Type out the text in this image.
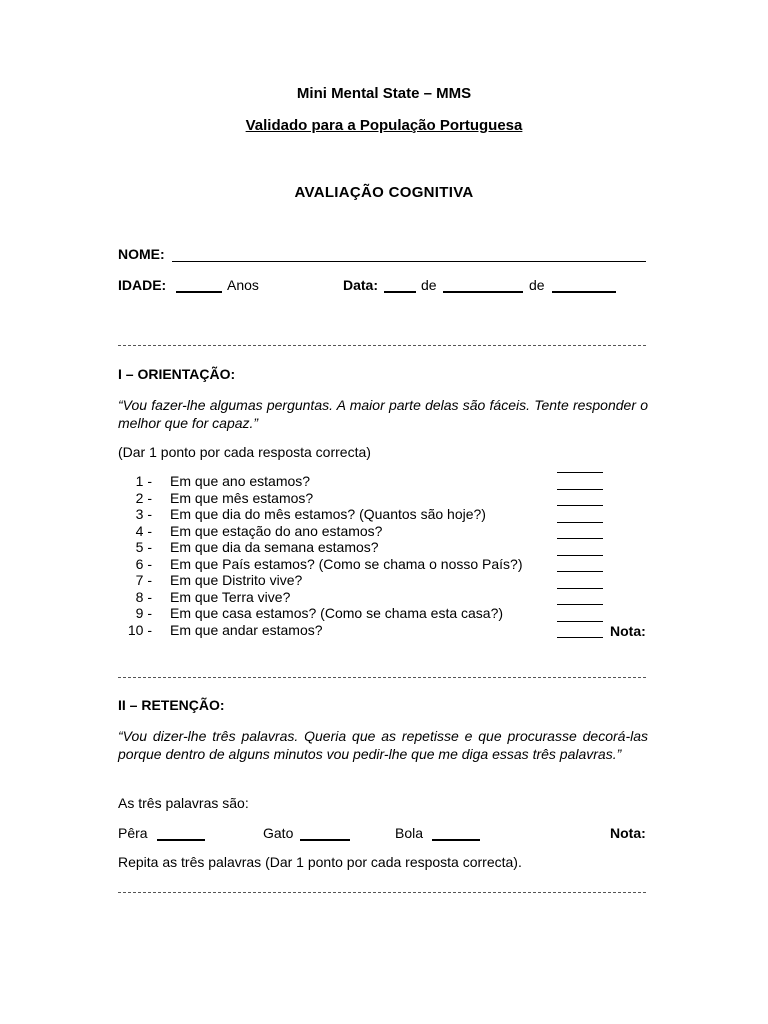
Mini Mental State – MMS
Validado para a População Portuguesa
AVALIAÇÃO COGNITIVA
NOME:
IDADE:	Anos	Data:	de	de
I – ORIENTAÇÃO:
“Vou fazer-lhe algumas perguntas. A maior parte delas são fáceis. Tente responder o melhor que for capaz.”
(Dar 1 ponto por cada resposta correcta)
1 - Em que ano estamos?
2 - Em que mês estamos?
3 - Em que dia do mês estamos? (Quantos são hoje?)
4 - Em que estação do ano estamos?
5 - Em que dia da semana estamos?
6 - Em que País estamos? (Como se chama o nosso País?)
7 - Em que Distrito vive?
8 - Em que Terra vive?
9 - Em que casa estamos? (Como se chama esta casa?)
10 - Em que andar estamos?	Nota:
II – RETENÇÃO:
“Vou dizer-lhe três palavras. Queria que as repetisse e que procurasse decorá-las porque dentro de alguns minutos vou pedir-lhe que me diga essas três palavras.”
As três palavras são:
Pêra	Gato	Bola	Nota:
Repita as três palavras (Dar 1 ponto por cada resposta correcta).
